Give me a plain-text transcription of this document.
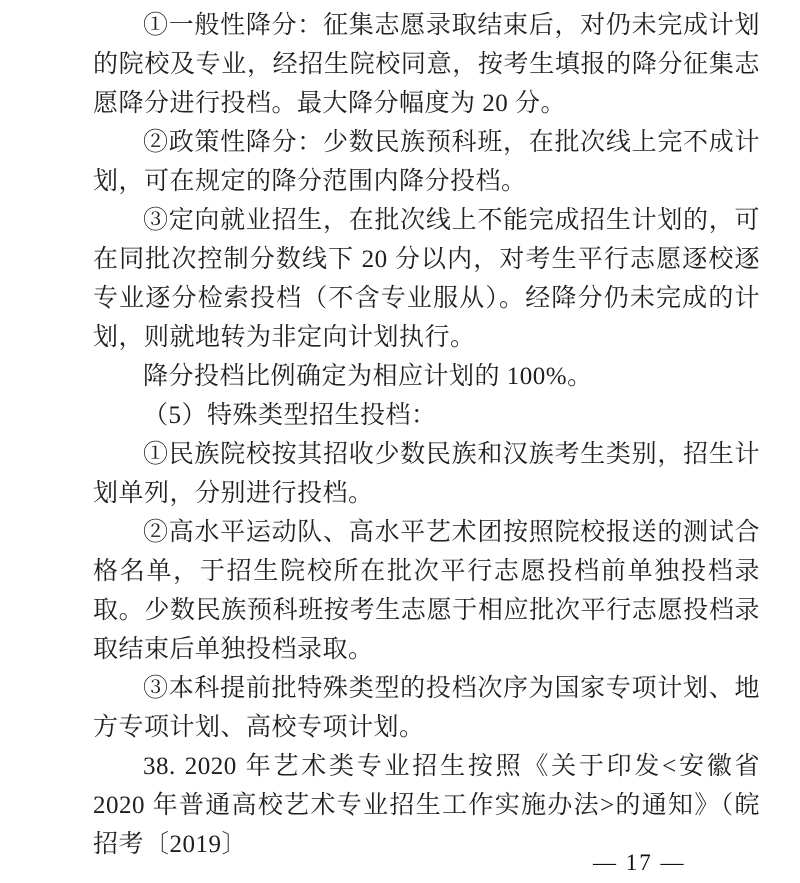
①一般性降分：征集志愿录取结束后，对仍未完成计划的院校及专业，经招生院校同意，按考生填报的降分征集志愿降分进行投档。最大降分幅度为 20 分。

②政策性降分：少数民族预科班，在批次线上完不成计划，可在规定的降分范围内降分投档。

③定向就业招生，在批次线上不能完成招生计划的，可在同批次控制分数线下 20 分以内，对考生平行志愿逐校逐专业逐分检索投档（不含专业服从）。经降分仍未完成的计划，则就地转为非定向计划执行。

降分投档比例确定为相应计划的 100%。

（5）特殊类型招生投档：

①民族院校按其招收少数民族和汉族考生类别，招生计划单列，分别进行投档。

②高水平运动队、高水平艺术团按照院校报送的测试合格名单，于招生院校所在批次平行志愿投档前单独投档录取。少数民族预科班按考生志愿于相应批次平行志愿投档录取结束后单独投档录取。

③本科提前批特殊类型的投档次序为国家专项计划、地方专项计划、高校专项计划。

38. 2020 年艺术类专业招生按照《关于印发<安徽省 2020 年普通高校艺术专业招生工作实施办法>的通知》（皖招考〔2019〕

— 17 —
